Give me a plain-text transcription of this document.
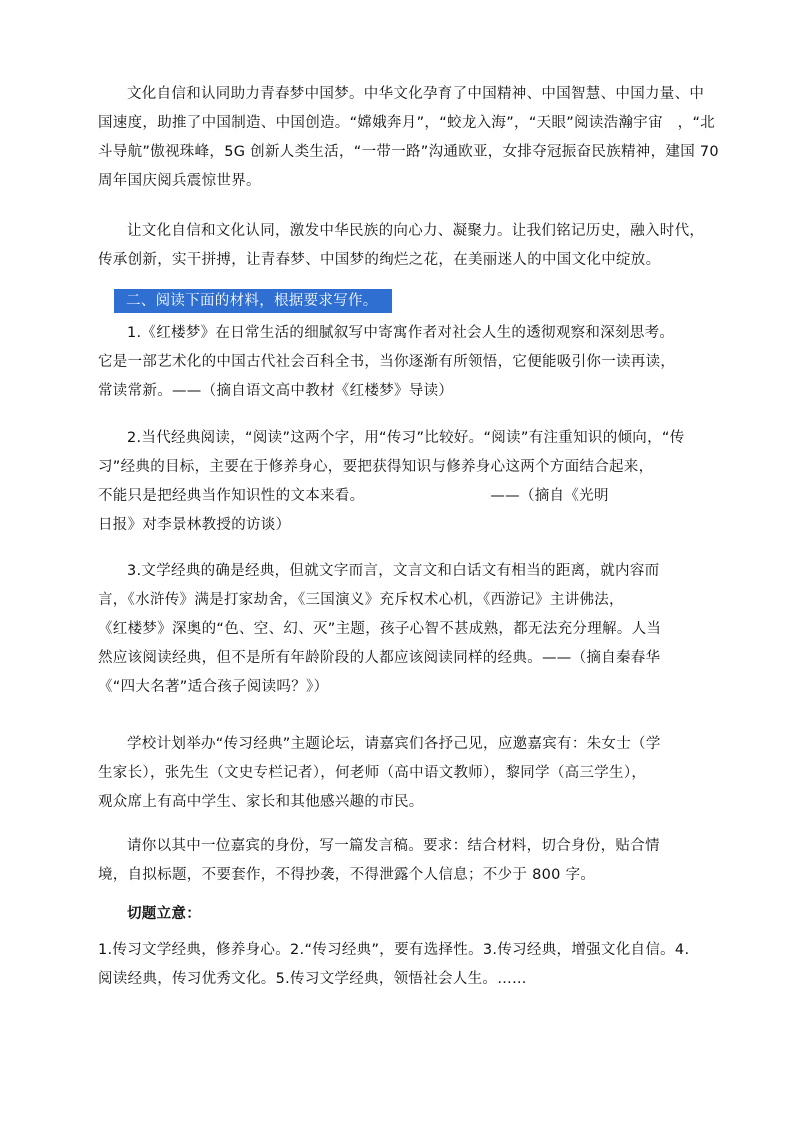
文化自信和认同助力青春梦中国梦。中华文化孕育了中国精神、中国智慧、中国力量、中
国速度，助推了中国制造、中国创造。“嫦娥奔月”，“蛟龙入海”，“天眼”阅读浩瀚宇宙　，“北
斗导航”傲视珠峰，5G 创新人类生活，“一带一路”沟通欧亚，女排夺冠振奋民族精神，建国 70
周年国庆阅兵震惊世界。
让文化自信和文化认同，激发中华民族的向心力、凝聚力。让我们铭记历史，融入时代，
传承创新，实干拼搏，让青春梦、中国梦的绚烂之花，在美丽迷人的中国文化中绽放。
二、阅读下面的材料，根据要求写作。
1.《红楼梦》在日常生活的细腻叙写中寄寓作者对社会人生的透彻观察和深刻思考。
它是一部艺术化的中国古代社会百科全书，当你逐渐有所领悟，它便能吸引你一读再读，
常读常新。——（摘自语文高中教材《红楼梦》导读）
2.当代经典阅读，“阅读”这两个字，用“传习”比较好。“阅读”有注重知识的倾向，“传
习”经典的目标，主要在于修养身心，要把获得知识与修养身心这两个方面结合起来，
不能只是把经典当作知识性的文本来看。　　　　　　　　　——（摘自《光明
日报》对李景林教授的访谈）
3.文学经典的确是经典，但就文字而言，文言文和白话文有相当的距离，就内容而
言，《水浒传》满是打家劫舍，《三国演义》充斥权术心机，《西游记》主讲佛法，
《红楼梦》深奥的“色、空、幻、灭”主题，孩子心智不甚成熟，都无法充分理解。人当
然应该阅读经典，但不是所有年龄阶段的人都应该阅读同样的经典。——（摘自秦春华
《“四大名著”适合孩子阅读吗？》）
学校计划举办“传习经典”主题论坛，请嘉宾们各抒己见，应邀嘉宾有：朱女士（学
生家长），张先生（文史专栏记者），何老师（高中语文教师），黎同学（高三学生），
观众席上有高中学生、家长和其他感兴趣的市民。
请你以其中一位嘉宾的身份，写一篇发言稿。要求：结合材料，切合身份，贴合情
境，自拟标题，不要套作，不得抄袭，不得泄露个人信息；不少于 800 字。
切题立意：
1.传习文学经典，修养身心。2.“传习经典”，要有选择性。3.传习经典，增强文化自信。4.
阅读经典，传习优秀文化。5.传习文学经典，领悟社会人生。……
